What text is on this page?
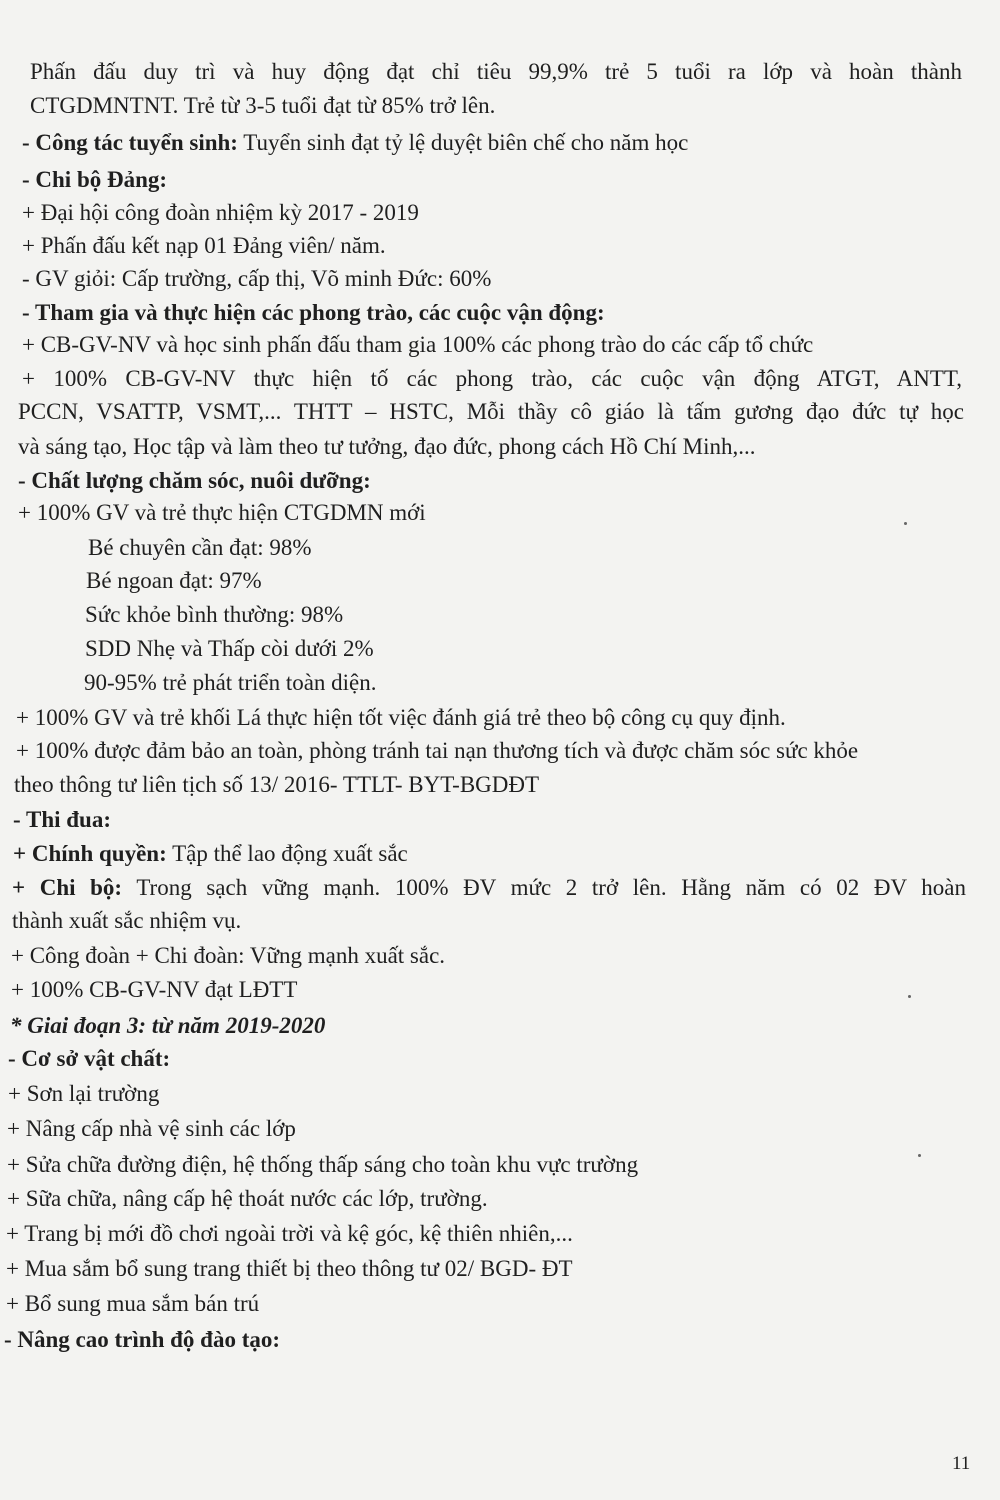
Phấn đấu duy trì và huy động đạt chỉ tiêu 99,9% trẻ 5 tuổi ra lớp và hoàn thành
CTGDMNTNT. Trẻ từ 3-5 tuổi đạt từ 85% trở lên.
- Công tác tuyển sinh: Tuyển sinh đạt tỷ lệ duyệt biên chế cho năm học
- Chi bộ Đảng:
+ Đại hội công đoàn nhiệm kỳ 2017 - 2019
+ Phấn đấu kết nạp 01 Đảng viên/ năm.
- GV giỏi: Cấp trường, cấp thị, Võ minh Đức: 60%
- Tham gia và thực hiện các phong trào, các cuộc vận động:
+ CB-GV-NV và học sinh phấn đấu tham gia 100% các phong trào do các cấp tổ chức
+ 100% CB-GV-NV thực hiện tố các phong trào, các cuộc vận động ATGT, ANTT,
PCCN, VSATTP, VSMT,... THTT – HSTC, Mỗi thầy cô giáo là tấm gương đạo đức tự học
và sáng tạo, Học tập và làm theo tư tưởng, đạo đức, phong cách Hồ Chí Minh,...
- Chất lượng chăm sóc, nuôi dưỡng:
+ 100% GV và trẻ thực hiện CTGDMN mới
Bé chuyên cần đạt: 98%
Bé ngoan đạt: 97%
Sức khỏe bình thường: 98%
SDD Nhẹ và Thấp còi dưới 2%
90-95% trẻ phát triển toàn diện.
+ 100% GV và trẻ khối Lá thực hiện tốt việc đánh giá trẻ theo bộ công cụ quy định.
+ 100% được đảm bảo an toàn, phòng tránh tai nạn thương tích và được chăm sóc sức khỏe
theo thông tư liên tịch số 13/ 2016- TTLT- BYT-BGDĐT
- Thi đua:
+ Chính quyền: Tập thể lao động xuất sắc
+ Chi bộ: Trong sạch vững mạnh. 100% ĐV mức 2 trở lên. Hằng năm có 02 ĐV hoàn
thành xuất sắc nhiệm vụ.
+ Công đoàn + Chi đoàn: Vững mạnh xuất sắc.
+ 100% CB-GV-NV đạt LĐTT
* Giai đoạn 3: từ năm 2019-2020
- Cơ sở vật chất:
+ Sơn lại trường
+ Nâng cấp nhà vệ sinh các lớp
+ Sửa chữa đường điện, hệ thống thấp sáng cho toàn khu vực trường
+ Sữa chữa, nâng cấp hệ thoát nước các lớp, trường.
+ Trang bị mới đồ chơi ngoài trời và kệ góc, kệ thiên nhiên,...
+ Mua sắm bổ sung trang thiết bị theo thông tư 02/ BGD- ĐT
+ Bổ sung mua sắm bán trú
- Nâng cao trình độ đào tạo:
11
